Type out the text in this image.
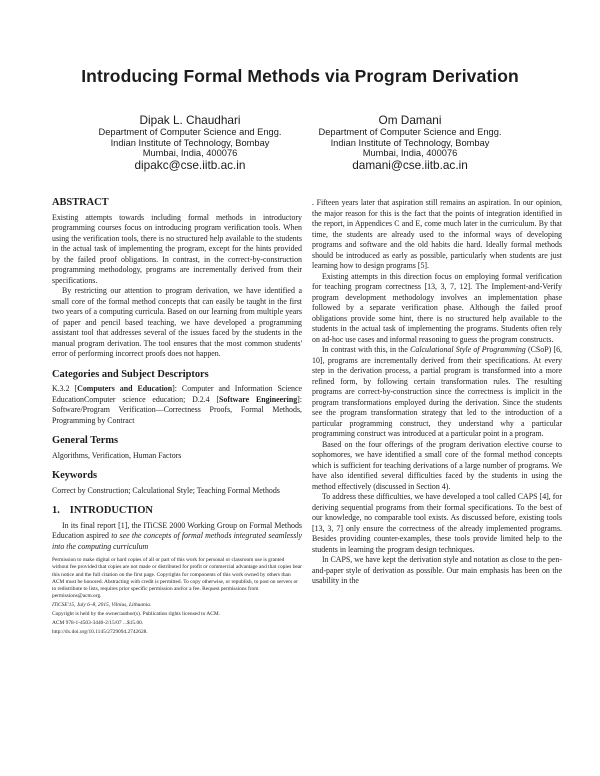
Introducing Formal Methods via Program Derivation
Dipak L. Chaudhari
Department of Computer Science and Engg.
Indian Institute of Technology, Bombay
Mumbai, India, 400076
dipakc@cse.iitb.ac.in
Om Damani
Department of Computer Science and Engg.
Indian Institute of Technology, Bombay
Mumbai, India, 400076
damani@cse.iitb.ac.in
ABSTRACT

Existing attempts towards including formal methods in introductory programming courses focus on introducing program verification tools. When using the verification tools, there is no structured help available to the students in the actual task of implementing the program, except for the hints provided by the failed proof obligations. In contrast, in the correct-by-construction programming methodology, programs are incrementally derived from their specifications.

By restricting our attention to program derivation, we have identified a small core of the formal method concepts that can easily be taught in the first two years of a computing curricula. Based on our learning from multiple years of paper and pencil based teaching, we have developed a programming assistant tool that addresses several of the issues faced by the students in the manual program derivation. The tool ensures that the most common students' error of performing incorrect proofs does not happen.

Categories and Subject Descriptors

K.3.2 [Computers and Education]: Computer and Information Science EducationComputer science education; D.2.4 [Software Engineering]: Software/Program Verification—Correctness Proofs, Formal Methods, Programming by Contract

General Terms

Algorithms, Verification, Human Factors

Keywords

Correct by Construction; Calculational Style; Teaching Formal Methods

1. INTRODUCTION

In its final report [1], the ITiCSE 2000 Working Group on Formal Methods Education aspired to see the concepts of formal methods integrated seamlessly into the computing curriculum

Permission to make digital or hard copies of all or part of this work for personal or classroom use is granted without fee provided that copies are not made or distributed for profit or commercial advantage and that copies bear this notice and the full citation on the first page. Copyrights for components of this work owned by others than ACM must be honored. Abstracting with credit is permitted. To copy otherwise, or republish, to post on servers or to redistribute to lists, requires prior specific permission and/or a fee. Request permissions from permissions@acm.org.

ITiCSE'15, July 6–8, 2015, Vilnius, Lithuania.

Copyright is held by the owner/author(s). Publication rights licensed to ACM.

ACM 978-1-4503-3440-2/15/07 ...$15.00.

http://dx.doi.org/10.1145/2729094.2742628.

. Fifteen years later that aspiration still remains an aspiration. In our opinion, the major reason for this is the fact that the points of integration identified in the report, in Appendices C and E, come much later in the curriculum. By that time, the students are already used to the informal ways of developing programs and software and the old habits die hard. Ideally formal methods should be introduced as early as possible, particularly when students are just learning how to design programs [5].

Existing attempts in this direction focus on employing formal verification for teaching program correctness [13, 3, 7, 12]. The Implement-and-Verify program development methodology involves an implementation phase followed by a separate verification phase. Although the failed proof obligations provide some hint, there is no structured help available to the students in the actual task of implementing the programs. Students often rely on ad-hoc use cases and informal reasoning to guess the program constructs.

In contrast with this, in the Calculational Style of Programming (CSoP) [6, 10], programs are incrementally derived from their specifications. At every step in the derivation process, a partial program is transformed into a more refined form, by following certain transformation rules. The resulting programs are correct-by-construction since the correctness is implicit in the program transformations employed during the derivation. Since the students see the program transformation strategy that led to the introduction of a particular programming construct, they understand why a particular programming construct was introduced at a particular point in a program.

Based on the four offerings of the program derivation elective course to sophomores, we have identified a small core of the formal method concepts which is sufficient for teaching derivations of a large number of programs. We have also identified several difficulties faced by the students in using the method effectively (discussed in Section 4).

To address these difficulties, we have developed a tool called CAPS [4], for deriving sequential programs from their formal specifications. To the best of our knowledge, no comparable tool exists. As discussed before, existing tools [13, 3, 7] only ensure the correctness of the already implemented programs. Besides providing counter-examples, these tools provide limited help to the students in learning the program design techniques.

In CAPS, we have kept the derivation style and notation as close to the pen-and-paper style of derivation as possible. Our main emphasis has been on the usability in the
